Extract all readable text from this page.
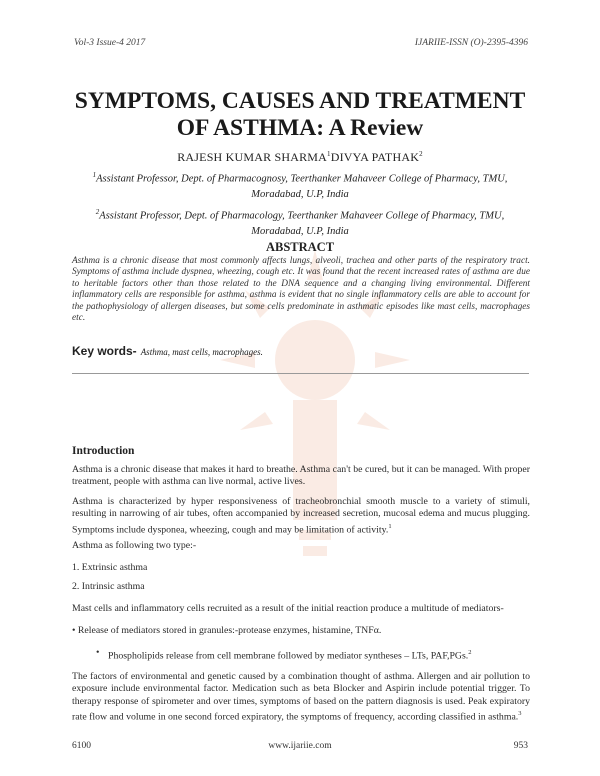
Vol-3 Issue-4 2017	IJARIIE-ISSN (O)-2395-4396
SYMPTOMS, CAUSES AND TREATMENT
OF ASTHMA: A Review
RAJESH KUMAR SHARMA$^1$DIVYA PATHAK$^2$
$^1$Assistant Professor, Dept. of Pharmacognosy, Teerthanker Mahaveer College of Pharmacy, TMU,
Moradabad, U.P, India
$^2$Assistant Professor, Dept. of Pharmacology, Teerthanker Mahaveer College of Pharmacy, TMU,
Moradabad, U.P, India
ABSTRACT
Asthma is a chronic disease that most commonly affects lungs, alveoli, trachea and other parts of the respiratory tract. Symptoms of asthma include dyspnea, wheezing, cough etc. It was found that the recent increased rates of asthma are due to heritable factors other than those related to the DNA sequence and a changing living environmental. Different inflammatory cells are responsible for asthma, asthma is evident that no single inflammatory cells are able to account for the pathophysiology of allergen diseases, but some cells predominate in asthmatic episodes like mast cells, macrophages etc.
Key words- Asthma, mast cells, macrophages.
Introduction
Asthma is a chronic disease that makes it hard to breathe. Asthma can't be cured, but it can be managed. With proper treatment, people with asthma can live normal, active lives.
Asthma is characterized by hyper responsiveness of tracheobronchial smooth muscle to a variety of stimuli, resulting in narrowing of air tubes, often accompanied by increased secretion, mucosal edema and mucus plugging. Symptoms include dysponea, wheezing, cough and may be limitation of activity.$^1$
Asthma as following two type:-
1. Extrinsic asthma
2. Intrinsic asthma
Mast cells and inflammatory cells recruited as a result of the initial reaction produce a multitude of mediators-
• Release of mediators stored in granules:-protease enzymes, histamine, TNFα.
• Phospholipids release from cell membrane followed by mediator syntheses – LTs, PAF,PGs.$^2$
The factors of environmental and genetic caused by a combination thought of asthma. Allergen and air pollution to exposure include environmental factor. Medication such as beta Blocker and Aspirin include potential trigger. To therapy response of spirometer and over times, symptoms of based on the pattern diagnosis is used. Peak expiratory rate flow and volume in one second forced expiratory, the symptoms of frequency, according classified in asthma.$^3$
6100	www.ijariie.com	953
